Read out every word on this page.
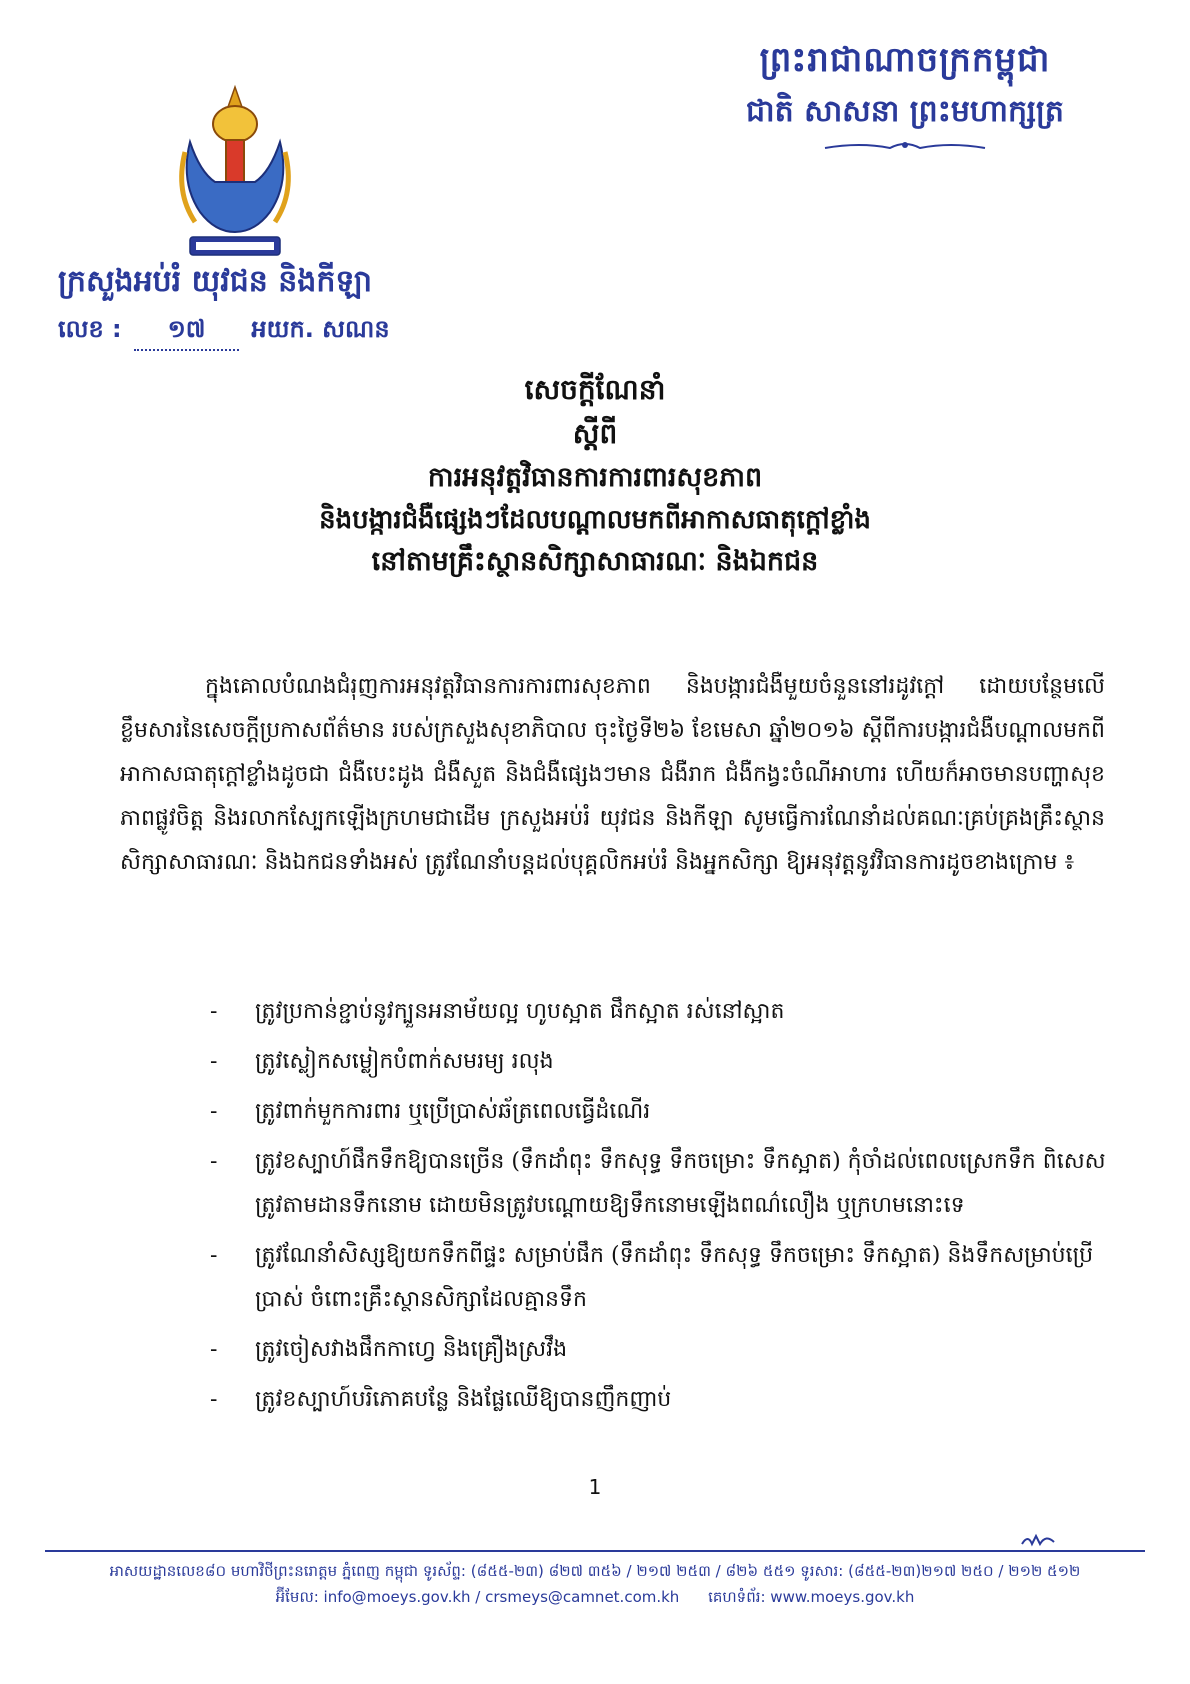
ព្រះរាជាណាចក្រកម្ពុជា
ជាតិ សាសនា ព្រះមហាក្សត្រ
ក្រសួងអប់រំ យុវជន និងកីឡា
លេខ : ១៧ អយក. សណន
សេចក្តីណែនាំ
ស្តីពី
ការអនុវត្តវិធានការការពារសុខភាព
និងបង្ការជំងឺផ្សេងៗដែលបណ្តាលមកពីអាកាសធាតុក្តៅខ្លាំង
នៅតាមគ្រឹះស្ថានសិក្សាសាធារណៈ និងឯកជន
ក្នុងគោលបំណងជំរុញការអនុវត្តវិធានការការពារសុខភាព និងបង្ការជំងឺមួយចំនួននៅរដូវក្តៅ ដោយបន្ថែមលើខ្លឹមសារនៃសេចក្តីប្រកាសព័ត៌មាន របស់ក្រសួងសុខាភិបាល ចុះថ្ងៃទី២៦ ខែមេសា ឆ្នាំ២០១៦ ស្តីពីការបង្ការជំងឺបណ្តាលមកពីអាកាសធាតុក្តៅខ្លាំងដូចជា ជំងឺបេះដូង ជំងឺសួត និងជំងឺផ្សេងៗមាន ជំងឺរាក ជំងឺកង្វះចំណីអាហារ ហើយក៏អាចមានបញ្ហាសុខភាពផ្លូវចិត្ត និងរលាកស្បែកឡើងក្រហមជាដើម ក្រសួងអប់រំ យុវជន និងកីឡា សូមធ្វើការណែនាំដល់គណៈគ្រប់គ្រងគ្រឹះស្ថានសិក្សាសាធារណៈ និងឯកជនទាំងអស់ ត្រូវណែនាំបន្តដល់បុគ្គលិកអប់រំ និងអ្នកសិក្សា ឱ្យអនុវត្តនូវវិធានការដូចខាងក្រោម ៖
- ត្រូវប្រកាន់ខ្ជាប់នូវក្បួនអនាម័យល្អ ហូបស្អាត ផឹកស្អាត រស់នៅស្អាត
- ត្រូវស្លៀកសម្លៀកបំពាក់សមរម្យ រលុង
- ត្រូវពាក់មួកការពារ ឬប្រើប្រាស់ឆ័ត្រពេលធ្វើដំណើរ
- ត្រូវខស្បាហ៍ផឹកទឹកឱ្យបានច្រើន (ទឹកដាំពុះ ទឹកសុទ្ធ ទឹកចម្រោះ ទឹកស្អាត) កុំចាំដល់ពេលស្រេកទឹក ពិសេសត្រូវតាមដានទឹកនោម ដោយមិនត្រូវបណ្តោយឱ្យទឹកនោមឡើងពណ៌លឿង ឬក្រហមនោះទេ
- ត្រូវណែនាំសិស្សឱ្យយកទឹកពីផ្ទះ សម្រាប់ផឹក (ទឹកដាំពុះ ទឹកសុទ្ធ ទឹកចម្រោះ ទឹកស្អាត) និងទឹកសម្រាប់ប្រើប្រាស់ ចំពោះគ្រឹះស្ថានសិក្សាដែលគ្មានទឹក
- ត្រូវចៀសវាងផឹកកាហ្វេ និងគ្រឿងស្រវឹង
- ត្រូវខស្បាហ៍បរិភោគបន្លែ និងផ្លែឈើឱ្យបានញឹកញាប់
1
អាសយដ្ឋានលេខ៨០ មហាវិថីព្រះនរោត្តម ភ្នំពេញ កម្ពុជា ទូរស័ព្ទ: (៨៥៥-២៣) ៨២៧ ៣៥៦ / ២១៧ ២៥៣ / ៨២៦ ៥៥១ ទូរសារ: (៨៥៥-២៣)២១៧ ២៥០ / ២១២ ៥១២
អ៊ីមែល: info@moeys.gov.kh / crsmeys@camnet.com.kh គេហទំព័រ: www.moeys.gov.kh
